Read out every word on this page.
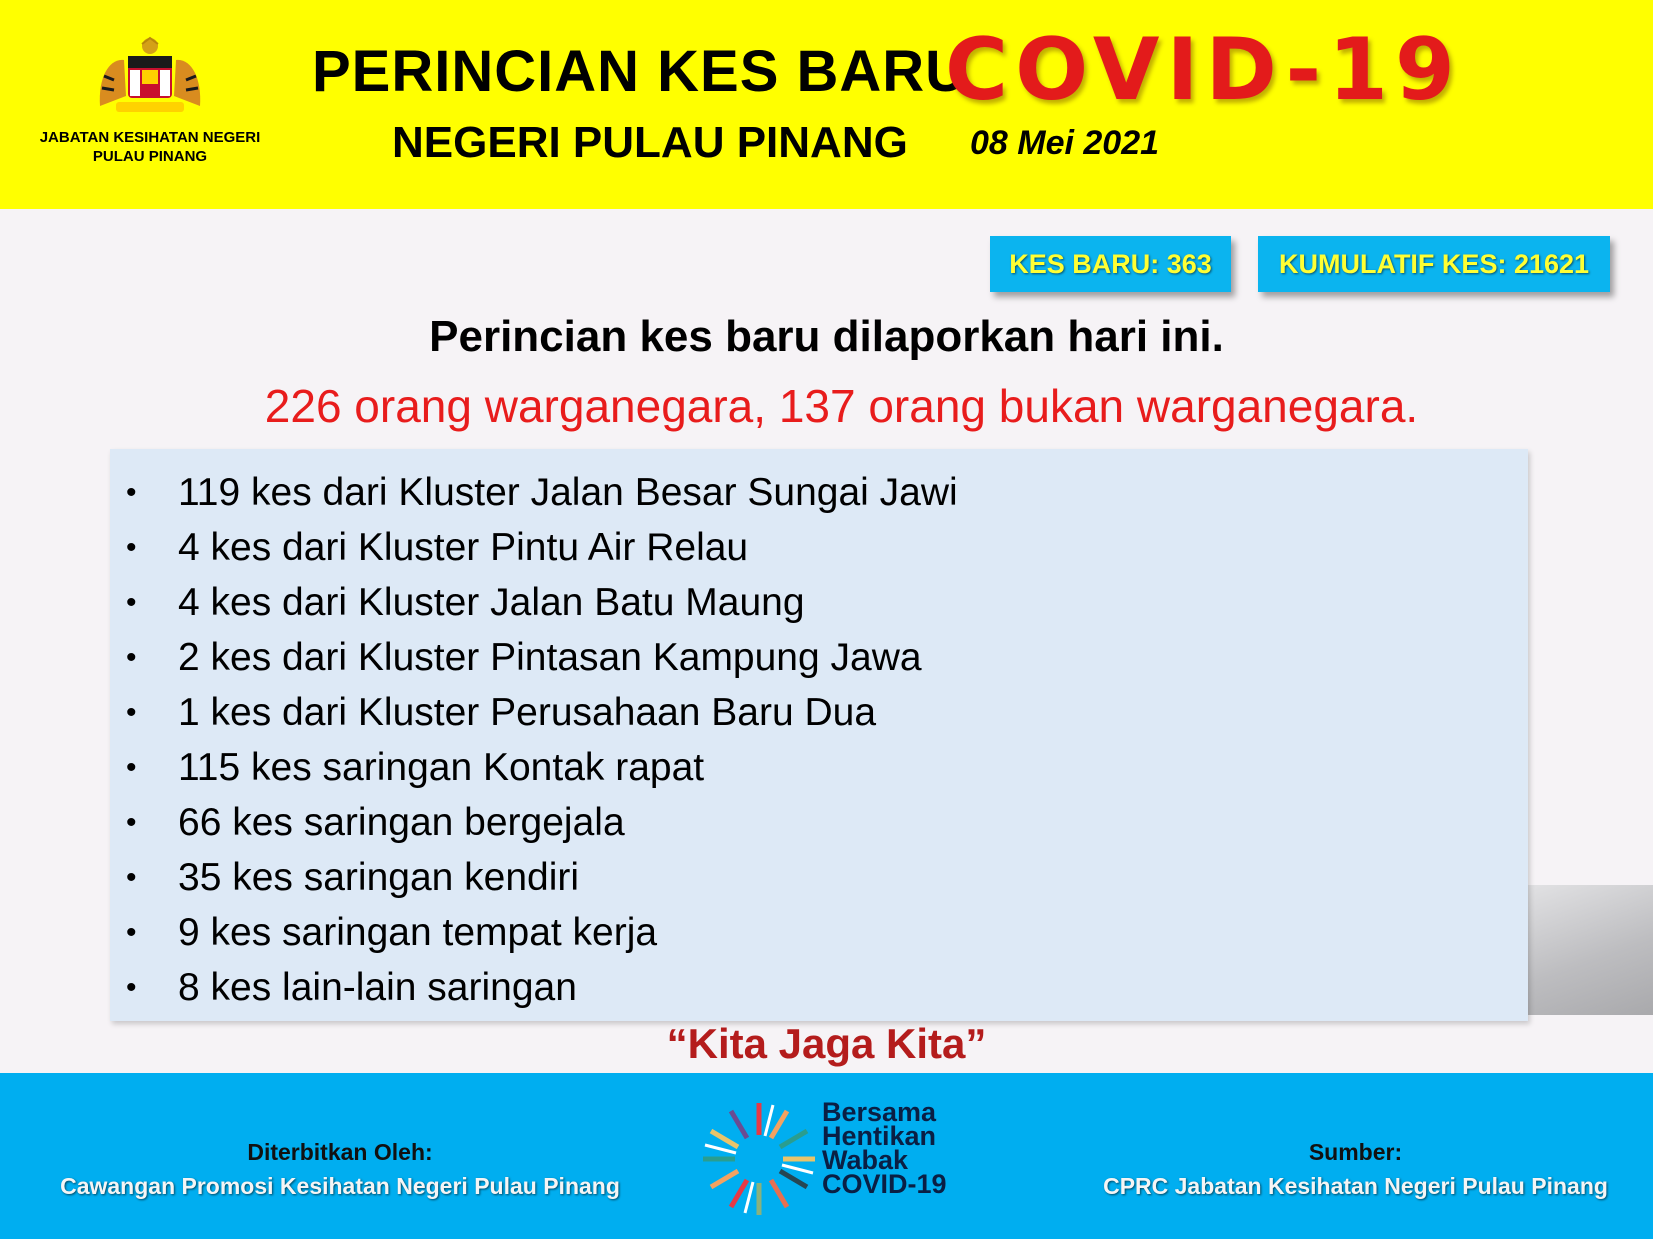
JABATAN KESIHATAN NEGERI
PULAU PINANG
PERINCIAN KES BARU
COVID-19
NEGERI PULAU PINANG 08 Mei 2021
KES BARU: 363	KUMULATIF KES: 21621
Perincian kes baru dilaporkan hari ini.
226 orang warganegara, 137 orang bukan warganegara.
• 119 kes dari Kluster Jalan Besar Sungai Jawi
• 4 kes dari Kluster Pintu Air Relau
• 4 kes dari Kluster Jalan Batu Maung
• 2 kes dari Kluster Pintasan Kampung Jawa
• 1 kes dari Kluster Perusahaan Baru Dua
• 115 kes saringan Kontak rapat
• 66 kes saringan bergejala
• 35 kes saringan kendiri
• 9 kes saringan tempat kerja
• 8 kes lain-lain saringan
“Kita Jaga Kita”
Diterbitkan Oleh:
Cawangan Promosi Kesihatan Negeri Pulau Pinang
Bersama
Hentikan
Wabak
COVID-19
Sumber:
CPRC Jabatan Kesihatan Negeri Pulau Pinang
